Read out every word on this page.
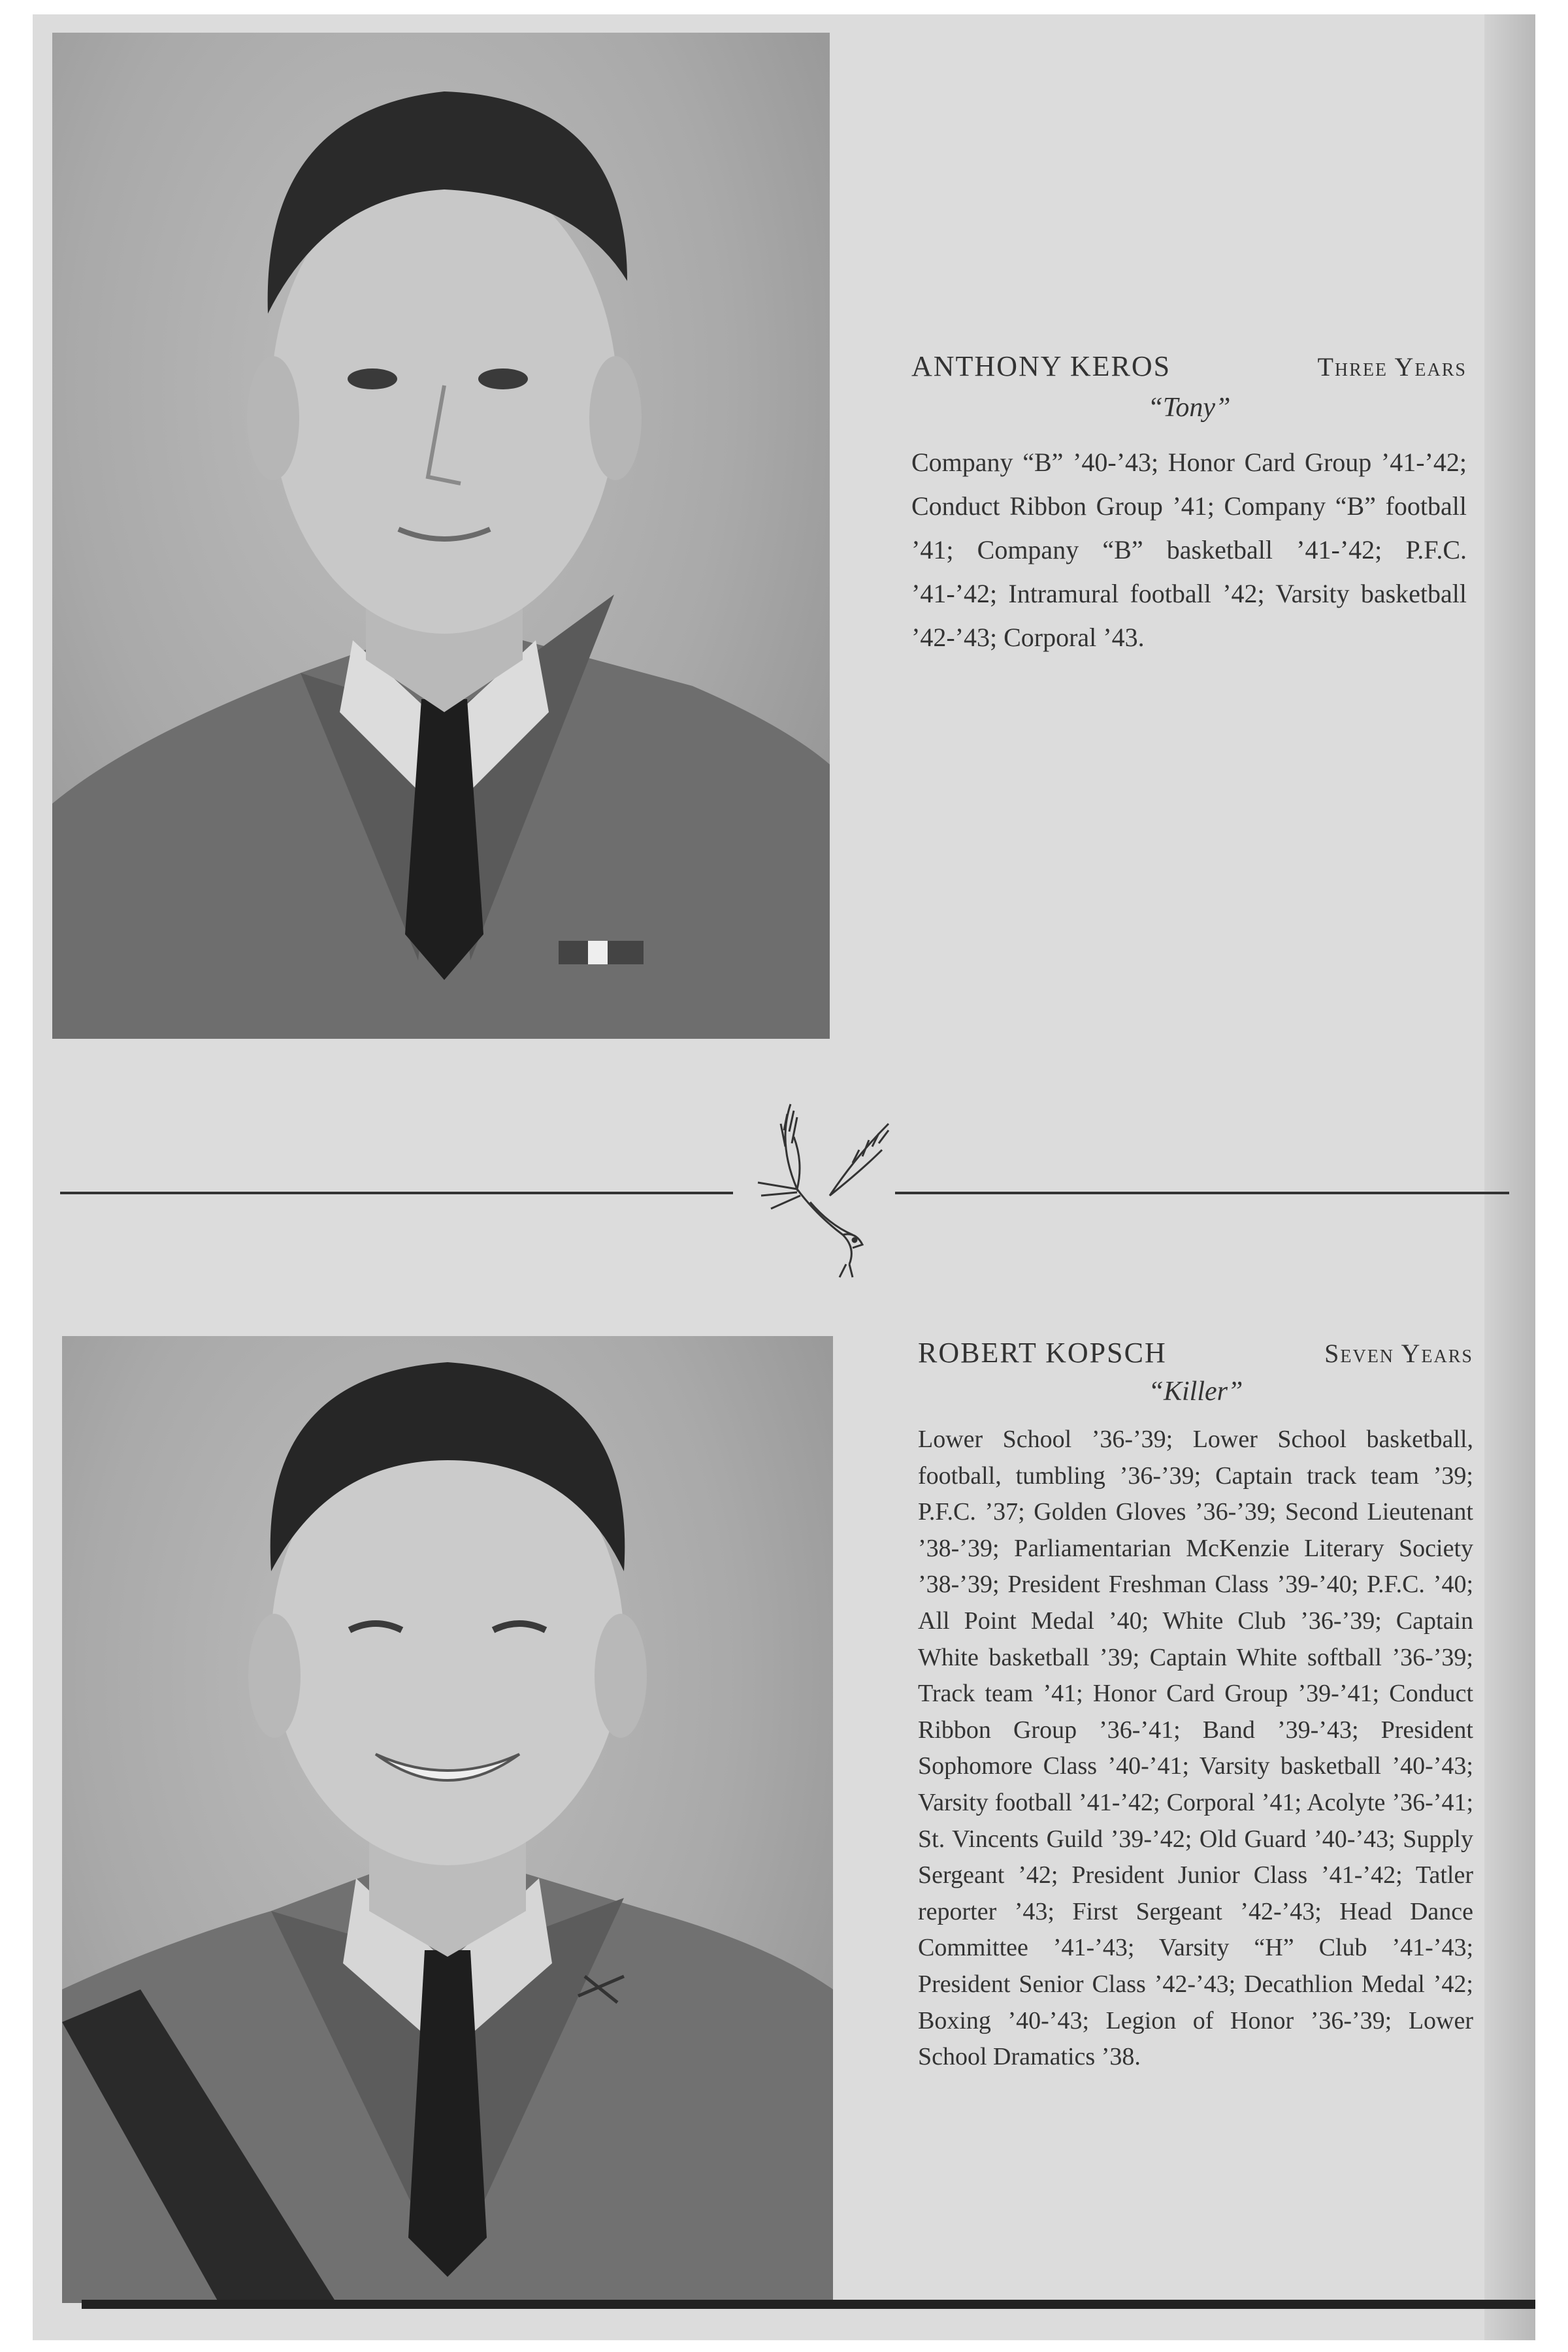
ANTHONY KEROS	Three Years
“Tony”
Company “B” ’40-’43; Honor Card Group ’41-’42; Conduct Ribbon Group ’41; Company “B” football ’41; Company “B” basketball ’41-’42; P.F.C. ’41-’42; Intramural football ’42; Varsity basketball ’42-’43; Corporal ’43.
ROBERT KOPSCH	Seven Years
“Killer”
Lower School ’36-’39; Lower School basketball, football, tumbling ’36-’39; Captain track team ’39; P.F.C. ’37; Golden Gloves ’36-’39; Second Lieutenant ’38-’39; Parliamentarian McKenzie Literary Society ’38-’39; President Freshman Class ’39-’40; P.F.C. ’40; All Point Medal ’40; White Club ’36-’39; Captain White basketball ’39; Captain White softball ’36-’39; Track team ’41; Honor Card Group ’39-’41; Conduct Ribbon Group ’36-’41; Band ’39-’43; President Sophomore Class ’40-’41; Varsity basketball ’40-’43; Varsity football ’41-’42; Corporal ’41; Acolyte ’36-’41; St. Vincents Guild ’39-’42; Old Guard ’40-’43; Supply Sergeant ’42; President Junior Class ’41-’42; Tatler reporter ’43; First Sergeant ’42-’43; Head Dance Committee ’41-’43; Varsity “H” Club ’41-’43; President Senior Class ’42-’43; Decathlion Medal ’42; Boxing ’40-’43; Legion of Honor ’36-’39; Lower School Dramatics ’38.
